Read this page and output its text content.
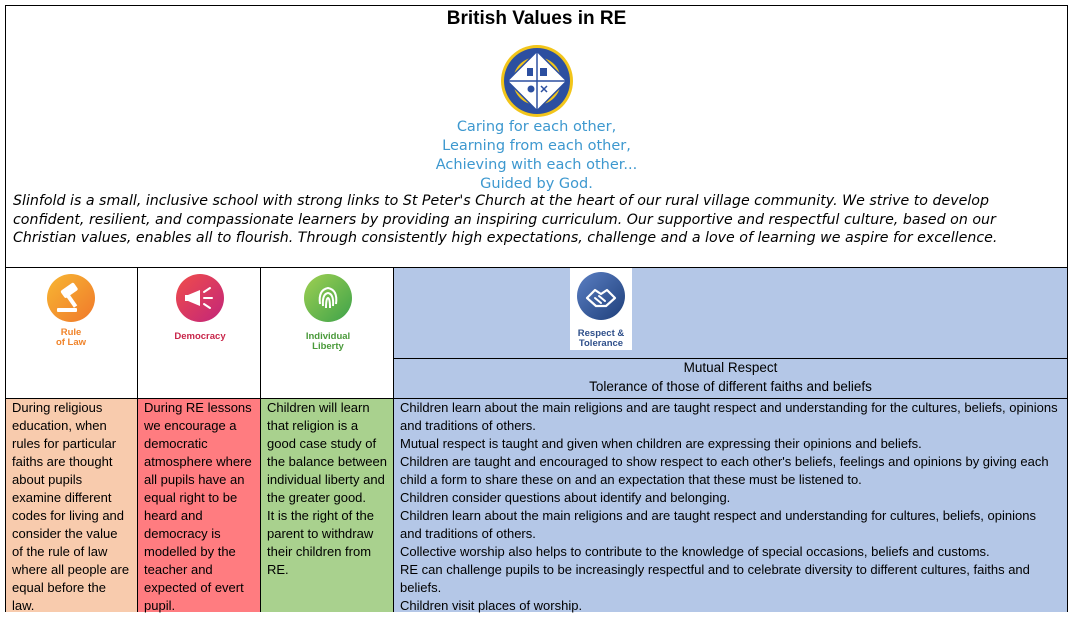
British Values in RE
Caring for each other,
Learning from each other,
Achieving with each other...
Guided by God.
Slinfold is a small, inclusive school with strong links to St Peter's Church at the heart of our rural village community. We strive to develop confident, resilient, and compassionate learners by providing an inspiring curriculum. Our supportive and respectful culture, based on our Christian values, enables all to flourish. Through consistently high expectations, challenge and a love of learning we aspire for excellence.
During religious education, when rules for particular faiths are thought about pupils examine different codes for living and consider the value of the rule of law where all people are equal before the law.
During RE lessons we encourage a democratic atmosphere where all pupils have an equal right to be heard and democracy is modelled by the teacher and expected of evert pupil.
Children will learn that religion is a good case study of the balance between individual liberty and the greater good.
It is the right of the parent to withdraw their children from RE.
Children learn about the main religions and are taught respect and understanding for the cultures, beliefs, opinions and traditions of others.
Mutual respect is taught and given when children are expressing their opinions and beliefs.
Children are taught and encouraged to show respect to each other's beliefs, feelings and opinions by giving each child a form to share these on and an expectation that these must be listened to.
Children consider questions about identify and belonging.
Children learn about the main religions and are taught respect and understanding for cultures, beliefs, opinions and traditions of others.
Collective worship also helps to contribute to the knowledge of special occasions, beliefs and customs.
RE can challenge pupils to be increasingly respectful and to celebrate diversity to different cultures, faiths and beliefs.
Children visit places of worship.
Mutual Respect
Tolerance of those of different faiths and beliefs
Rule
of Law
Democracy	Individual
Liberty
Respect &
Tolerance
